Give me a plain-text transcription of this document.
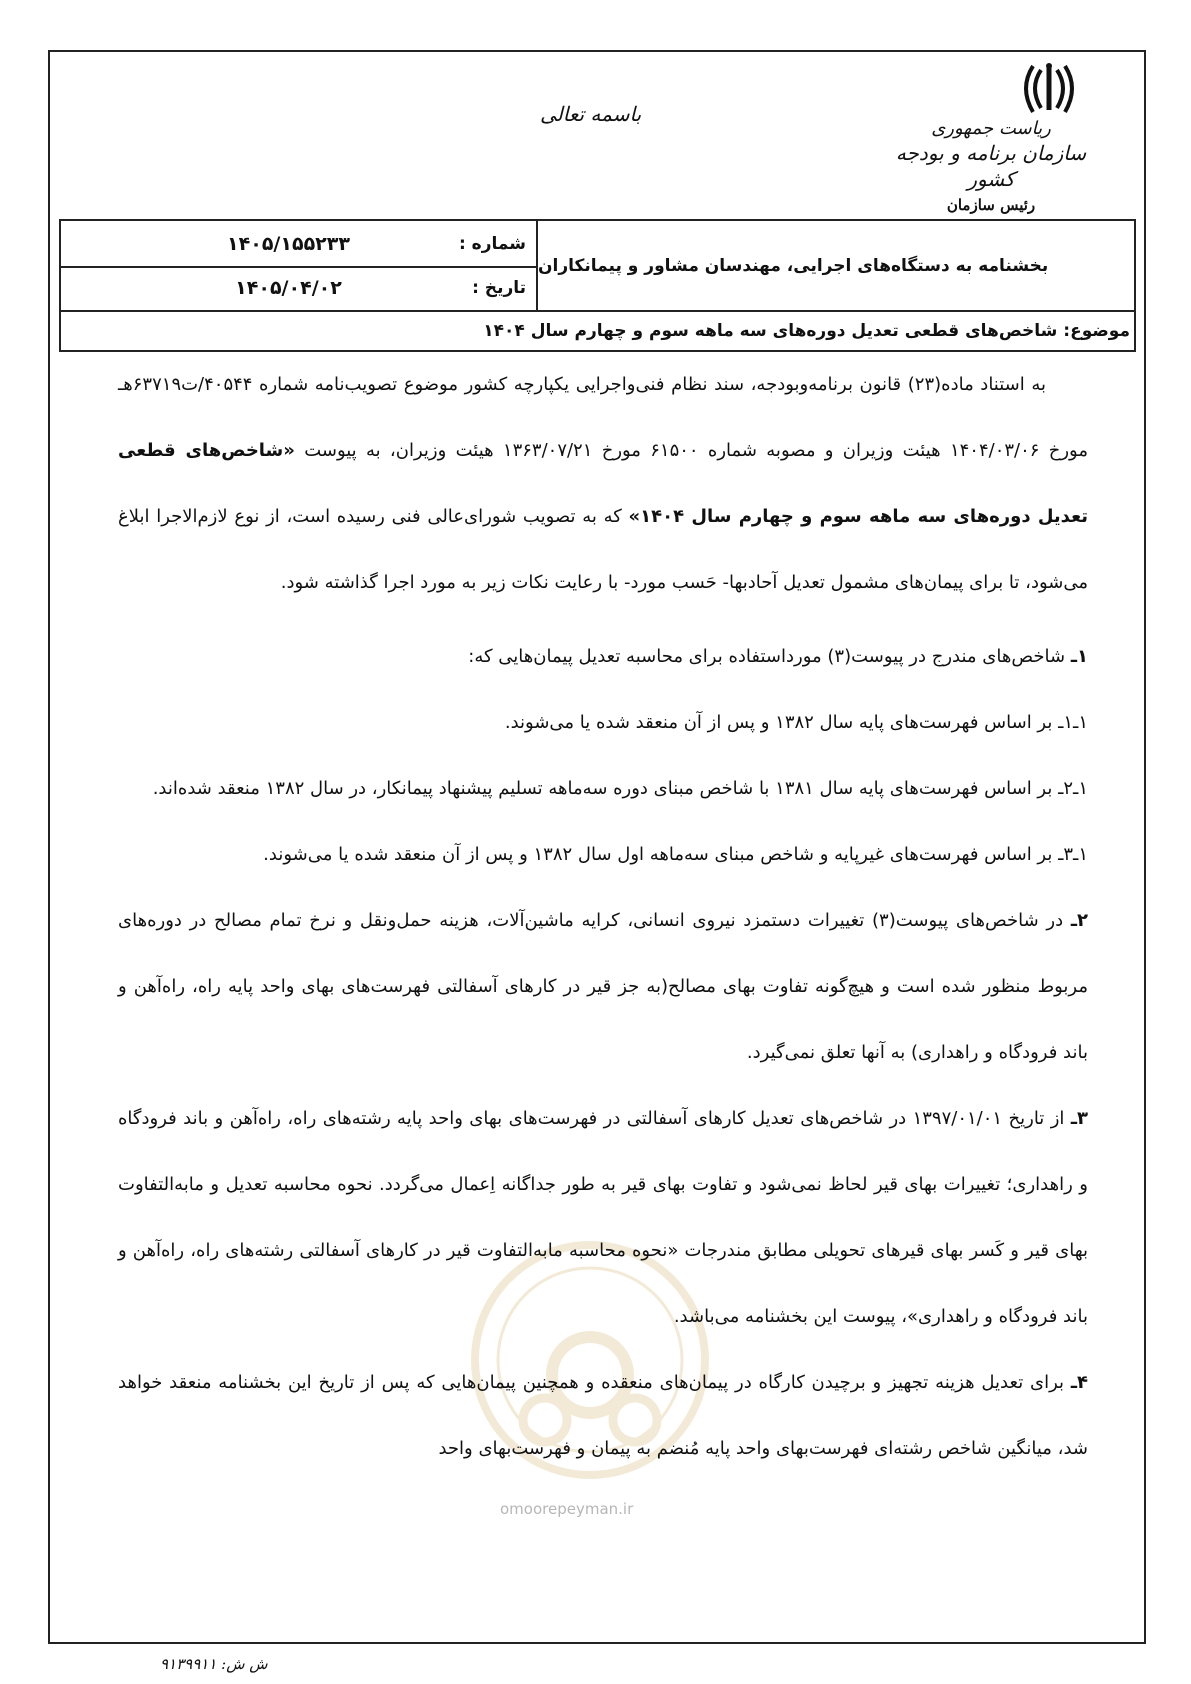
ریاست جمهوری
سازمان برنامه و بودجه کشور
رئیس سازمان
باسمه تعالی
بخشنامه به دستگاه‌های اجرایی، مهندسان مشاور و پیمانکاران
شماره :
۱۴۰۵/۱۵۵۲۳۳
تاریخ :
۱۴۰۵/۰۴/۰۲
موضوع: شاخص‌های قطعی تعدیل دوره‌های سه ماهه سوم و چهارم سال ۱۴۰۴
omoorepeyman.ir

به استناد ماده(۲۳) قانون برنامه‌وبودجه، سند نظام فنی‌واجرایی یکپارچه کشور موضوع تصویب‌نامه شماره ۴۰۵۴۴/ت۶۳۷۱۹هـ مورخ ۱۴۰۴/۰۳/۰۶ هیئت وزیران و مصوبه شماره ۶۱۵۰۰ مورخ ۱۳۶۳/۰۷/۲۱ هیئت وزیران، به پیوست «شاخص‌های قطعی تعدیل دوره‌های سه ماهه سوم و چهارم سال ۱۴۰۴» که به تصویب شورای‌عالی فنی رسیده است، از نوع لازم‌الاجرا ابلاغ می‌شود، تا برای پیمان‌های مشمول تعدیل آحادبها- حَسب مورد- با رعایت نکات زیر به مورد اجرا گذاشته شود.

۱ـ شاخص‌های مندرج در پیوست(۳) مورداستفاده برای محاسبه تعدیل پیمان‌هایی که:

۱ـ۱ـ بر اساس فهرست‌های پایه سال ۱۳۸۲ و پس از آن منعقد شده یا می‌شوند.

۱ـ۲ـ بر اساس فهرست‌های پایه سال ۱۳۸۱ با شاخص مبنای دوره سه‌ماهه تسلیم پیشنهاد پیمانکار، در سال ۱۳۸۲ منعقد شده‌اند.

۱ـ۳ـ بر اساس فهرست‌های غیرپایه و شاخص مبنای سه‌ماهه اول سال ۱۳۸۲ و پس از آن منعقد شده یا می‌شوند.

۲ـ در شاخص‌های پیوست(۳) تغییرات دستمزد نیروی انسانی، کرایه ماشین‌آلات، هزینه حمل‌ونقل و نرخ تمام مصالح در دوره‌های مربوط منظور شده است و هیچ‌گونه تفاوت بهای مصالح(به جز قیر در کارهای آسفالتی فهرست‌های بهای واحد پایه راه، راه‌آهن و باند فرودگاه و راهداری) به آنها تعلق نمی‌گیرد.

۳ـ از تاریخ ۱۳۹۷/۰۱/۰۱ در شاخص‌های تعدیل کارهای آسفالتی در فهرست‌های بهای واحد پایه رشته‌های راه، راه‌آهن و باند فرودگاه و راهداری؛ تغییرات بهای قیر لحاظ نمی‌شود و تفاوت بهای قیر به طور جداگانه اِعمال می‌گردد. نحوه محاسبه تعدیل و مابه‌التفاوت بهای قیر و کَسر بهای قیرهای تحویلی مطابق مندرجات «نحوه محاسبه مابه‌التفاوت قیر در کارهای آسفالتی رشته‌های راه، راه‌آهن و باند فرودگاه و راهداری»، پیوست این بخشنامه می‌باشد.

۴ـ برای تعدیل هزینه تجهیز و برچیدن کارگاه در پیمان‌های منعقده و همچنین پیمان‌هایی که پس از تاریخ این بخشنامه منعقد خواهد شد، میانگین شاخص رشته‌ای فهرست‌بهای واحد پایه مُنضم به پیمان و فهرست‌بهای واحد

ش ش: ۹۱۳۹۹۱۱
